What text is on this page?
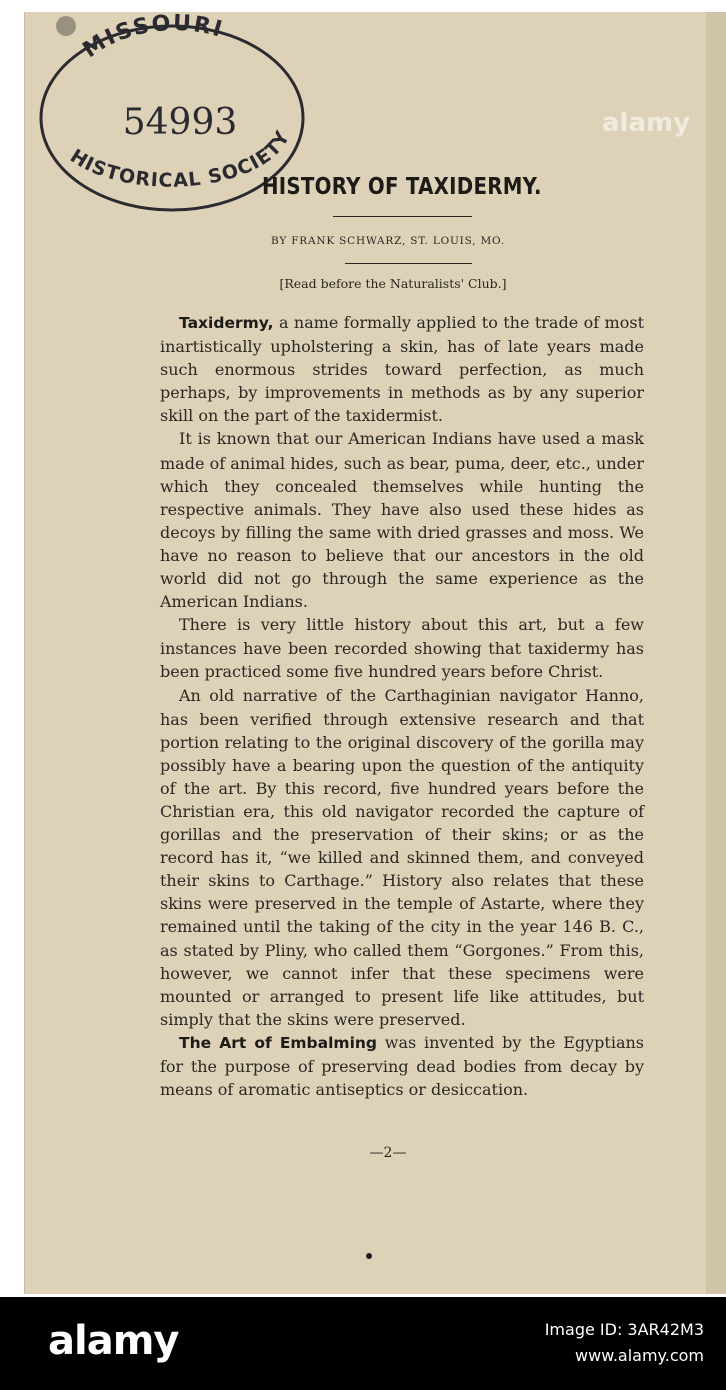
MISSOURI
54993
HISTORICAL SOCIETY
alamy
HISTORY OF TAXIDERMY.
BY FRANK SCHWARZ, ST. LOUIS, MO.
[Read before the Naturalists' Club.]

Taxidermy, a name formally applied to the trade of most inartistically upholstering a skin, has of late years made such enormous strides toward perfection, as much perhaps, by improvements in methods as by any superior skill on the part of the taxidermist.

It is known that our American Indians have used a mask made of animal hides, such as bear, puma, deer, etc., under which they concealed themselves while hunting the respective animals. They have also used these hides as decoys by filling the same with dried grasses and moss. We have no reason to believe that our ancestors in the old world did not go through the same experience as the American Indians.

There is very little history about this art, but a few instances have been recorded showing that taxidermy has been practiced some five hundred years before Christ.

An old narrative of the Carthaginian navigator Hanno, has been verified through extensive research and that portion relating to the original discovery of the gorilla may possibly have a bearing upon the question of the antiquity of the art. By this record, five hundred years before the Christian era, this old navigator recorded the capture of gorillas and the preservation of their skins; or as the record has it, “we killed and skinned them, and conveyed their skins to Carthage.” History also relates that these skins were preserved in the temple of Astarte, where they remained until the taking of the city in the year 146 B. C., as stated by Pliny, who called them “Gorgones.” From this, however, we cannot infer that these specimens were mounted or arranged to present life like attitudes, but simply that the skins were preserved.

The Art of Embalming was invented by the Egyptians for the purpose of preserving dead bodies from decay by means of aromatic antiseptics or desiccation.

—2—
alamy	Image ID: 3AR42M3
www.alamy.com
